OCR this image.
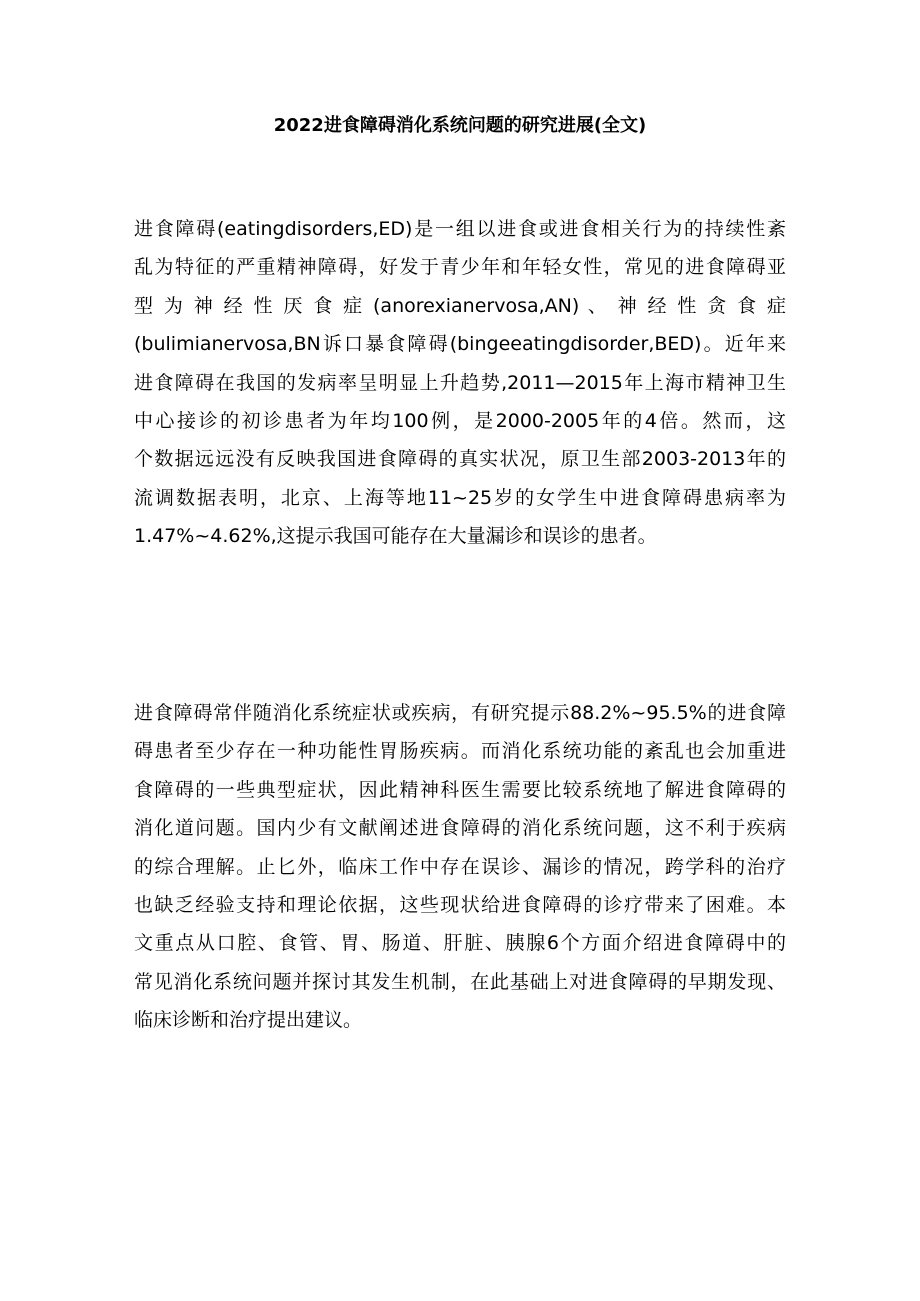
2022进食障碍消化系统问题的研究进展(全文)
进食障碍(eatingdisorders,ED)是一组以进食或进食相关行为的持续性紊
乱为特征的严重精神障碍，好发于青少年和年轻女性，常见的进食障碍亚
型 为 神 经 性 厌 食 症 (anorexianervosa,AN) 、 神 经 性 贪 食 症
(bulimianervosa,BN诉口暴食障碍(bingeeatingdisorder,BED)。近年来
进食障碍在我国的发病率呈明显上升趋势,2011—2015年上海市精神卫生
中心接诊的初诊患者为年均100例，是2000-2005年的4倍。然而，这
个数据远远没有反映我国进食障碍的真实状况，原卫生部2003-2013年的
流调数据表明，北京、上海等地11~25岁的女学生中进食障碍患病率为
1.47%~4.62%,这提示我国可能存在大量漏诊和误诊的患者。
进食障碍常伴随消化系统症状或疾病，有研究提示88.2%~95.5%的进食障
碍患者至少存在一种功能性胃肠疾病。而消化系统功能的紊乱也会加重进
食障碍的一些典型症状，因此精神科医生需要比较系统地了解进食障碍的
消化道问题。国内少有文献阐述进食障碍的消化系统问题，这不利于疾病
的综合理解。止匕外，临床工作中存在误诊、漏诊的情况，跨学科的治疗
也缺乏经验支持和理论依据，这些现状给进食障碍的诊疗带来了困难。本
文重点从口腔、食管、胃、肠道、肝脏、胰腺6个方面介绍进食障碍中的
常见消化系统问题并探讨其发生机制，在此基础上对进食障碍的早期发现、
临床诊断和治疗提出建议。
